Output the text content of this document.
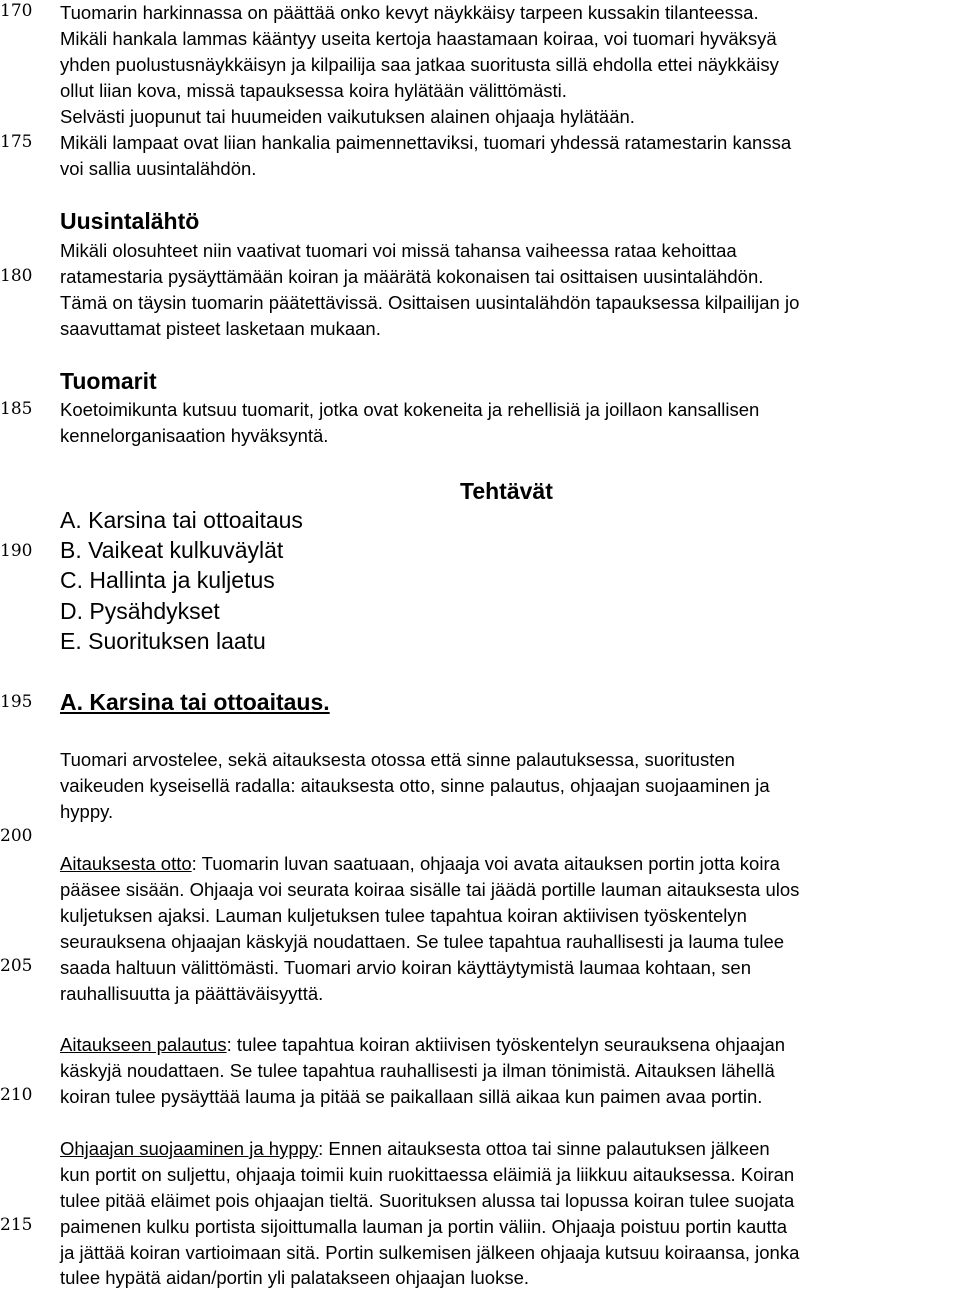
170
175
180
185
190
195
200
205
210
215
Tuomarin harkinnassa on päättää onko kevyt näykkäisy tarpeen kussakin tilanteessa.
Mikäli hankala lammas kääntyy useita kertoja haastamaan koiraa, voi tuomari hyväksyä
yhden puolustusnäykkäisyn ja kilpailija saa jatkaa suoritusta sillä ehdolla ettei näykkäisy
ollut liian kova, missä tapauksessa koira hylätään välittömästi.
Selvästi juopunut tai huumeiden vaikutuksen alainen ohjaaja hylätään.
Mikäli lampaat ovat liian hankalia paimennettaviksi, tuomari yhdessä ratamestarin kanssa
voi sallia uusintalähdön.
Uusintalähtö
Mikäli olosuhteet niin vaativat tuomari voi missä tahansa vaiheessa rataa kehoittaa
ratamestaria pysäyttämään koiran ja määrätä kokonaisen tai osittaisen uusintalähdön.
Tämä on täysin tuomarin päätettävissä. Osittaisen uusintalähdön tapauksessa kilpailijan jo
saavuttamat pisteet lasketaan mukaan.
Tuomarit
Koetoimikunta kutsuu tuomarit, jotka ovat kokeneita ja rehellisiä ja joillaon kansallisen
kennelorganisaation hyväksyntä.
Tehtävät
A. Karsina tai ottoaitaus
B. Vaikeat kulkuväylät
C. Hallinta ja kuljetus
D. Pysähdykset
E. Suorituksen laatu
A. Karsina tai ottoaitaus.
Tuomari arvostelee, sekä aitauksesta otossa että sinne palautuksessa, suoritusten
vaikeuden kyseisellä radalla: aitauksesta otto, sinne palautus, ohjaajan suojaaminen ja
hyppy.
Aitauksesta otto: Tuomarin luvan saatuaan, ohjaaja voi avata aitauksen portin jotta koira
pääsee sisään. Ohjaaja voi seurata koiraa sisälle tai jäädä portille lauman aitauksesta ulos
kuljetuksen ajaksi. Lauman kuljetuksen tulee tapahtua koiran aktiivisen työskentelyn
seurauksena ohjaajan käskyjä noudattaen. Se tulee tapahtua rauhallisesti ja lauma tulee
saada haltuun välittömästi. Tuomari arvio koiran käyttäytymistä laumaa kohtaan, sen
rauhallisuutta ja päättäväisyyttä.
Aitaukseen palautus: tulee tapahtua koiran aktiivisen työskentelyn seurauksena ohjaajan
käskyjä noudattaen. Se tulee tapahtua rauhallisesti ja ilman tönimistä. Aitauksen lähellä
koiran tulee pysäyttää lauma ja pitää se paikallaan sillä aikaa kun paimen avaa portin.
Ohjaajan suojaaminen ja hyppy: Ennen aitauksesta ottoa tai sinne palautuksen jälkeen
kun portit on suljettu, ohjaaja toimii kuin ruokittaessa eläimiä ja liikkuu aitauksessa. Koiran
tulee pitää eläimet pois ohjaajan tieltä. Suorituksen alussa tai lopussa koiran tulee suojata
paimenen kulku portista sijoittumalla lauman ja portin väliin. Ohjaaja poistuu portin kautta
ja jättää koiran vartioimaan sitä. Portin sulkemisen jälkeen ohjaaja kutsuu koiraansa, jonka
tulee hypätä aidan/portin yli palatakseen ohjaajan luokse.
